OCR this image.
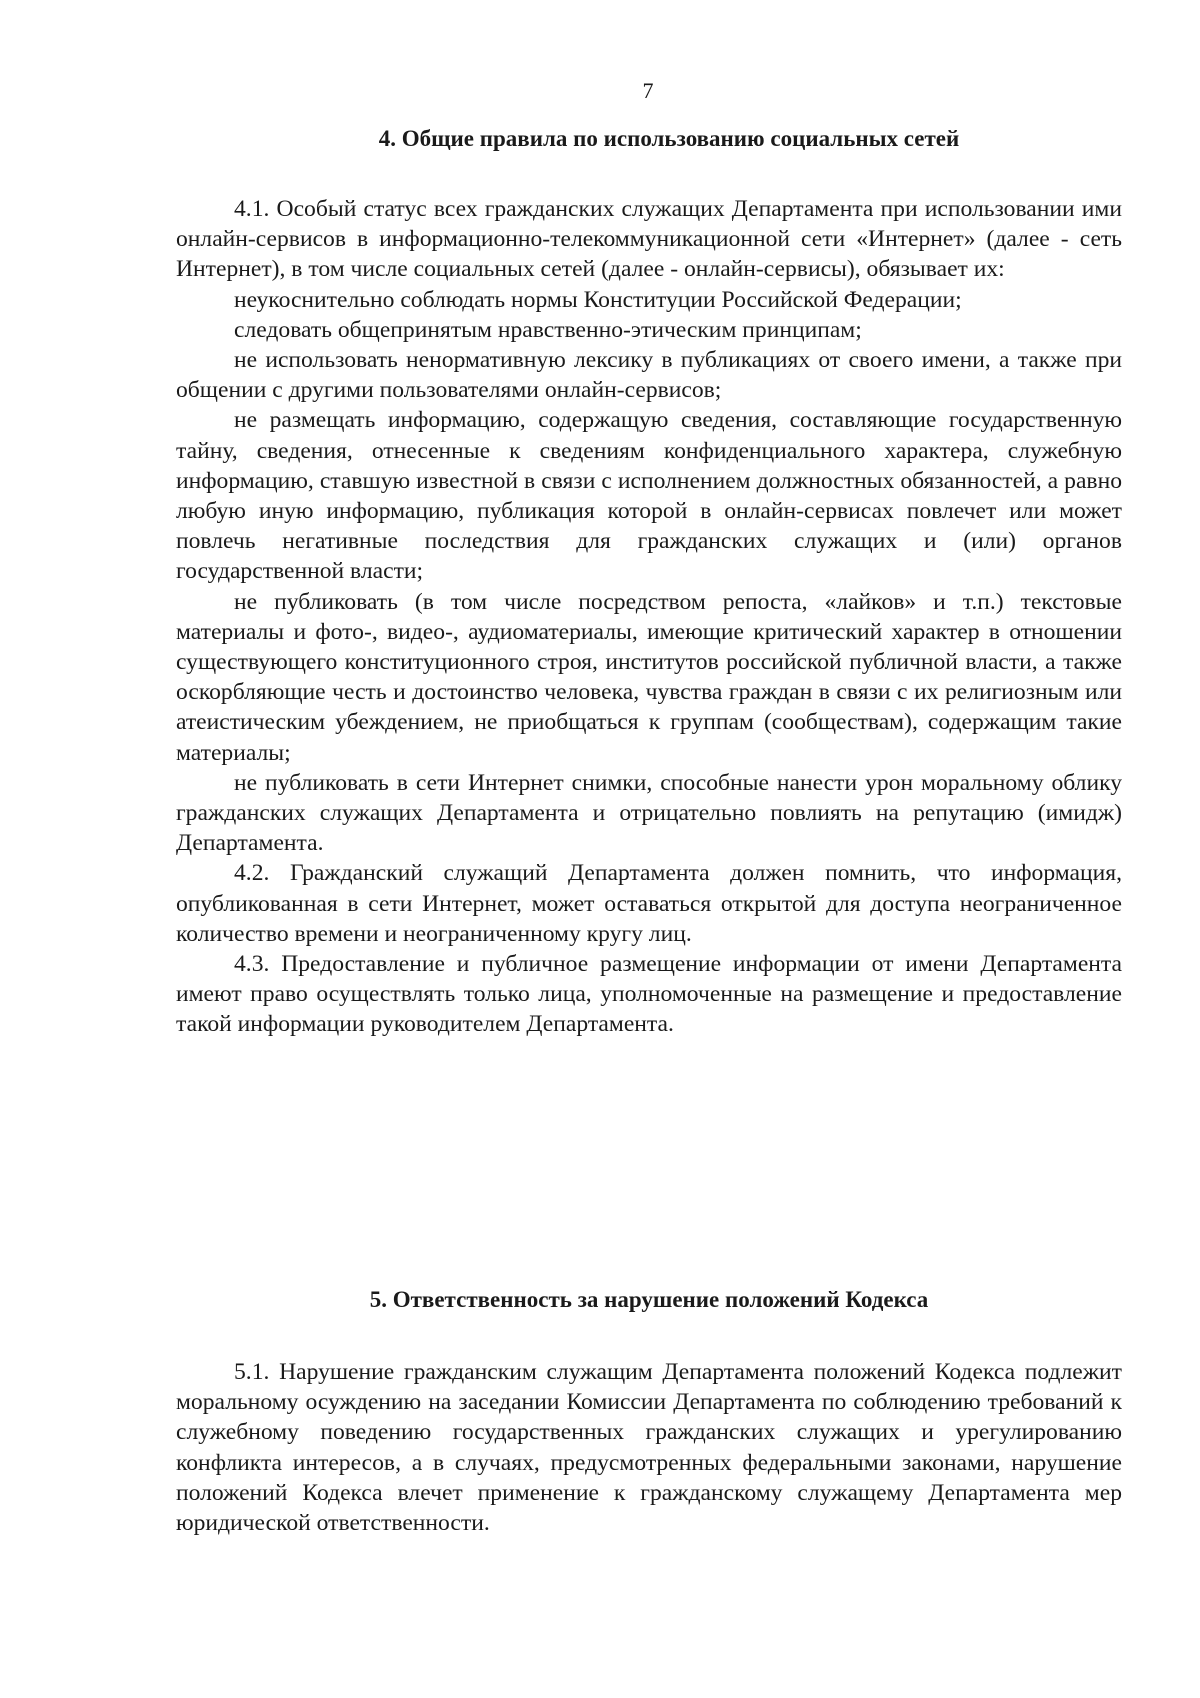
7

4. Общие правила по использованию социальных сетей

4.1. Особый статус всех гражданских служащих Департамента при использовании ими онлайн-сервисов в информационно-телекоммуникационной сети «Интернет» (далее - сеть Интернет), в том числе социальных сетей (далее - онлайн-сервисы), обязывает их:

неукоснительно соблюдать нормы Конституции Российской Федерации;

следовать общепринятым нравственно-этическим принципам;

не использовать ненормативную лексику в публикациях от своего имени, а также при общении с другими пользователями онлайн-сервисов;

не размещать информацию, содержащую сведения, составляющие государственную тайну, сведения, отнесенные к сведениям конфиденциального характера, служебную информацию, ставшую известной в связи с исполнением должностных обязанностей, а равно любую иную информацию, публикация которой в онлайн-сервисах повлечет или может повлечь негативные последствия для гражданских служащих и (или) органов государственной власти;

не публиковать (в том числе посредством репоста, «лайков» и т.п.) текстовые материалы и фото-, видео-, аудиоматериалы, имеющие критический характер в отношении существующего конституционного строя, институтов российской публичной власти, а также оскорбляющие честь и достоинство человека, чувства граждан в связи с их религиозным или атеистическим убеждением, не приобщаться к группам (сообществам), содержащим такие материалы;

не публиковать в сети Интернет снимки, способные нанести урон моральному облику гражданских служащих Департамента и отрицательно повлиять на репутацию (имидж) Департамента.

4.2. Гражданский служащий Департамента должен помнить, что информация, опубликованная в сети Интернет, может оставаться открытой для доступа неограниченное количество времени и неограниченному кругу лиц.

4.3. Предоставление и публичное размещение информации от имени Департамента имеют право осуществлять только лица, уполномоченные на размещение и предоставление такой информации руководителем Департамента.

5. Ответственность за нарушение положений Кодекса

5.1. Нарушение гражданским служащим Департамента положений Кодекса подлежит моральному осуждению на заседании Комиссии Департамента по соблюдению требований к служебному поведению государственных гражданских служащих и урегулированию конфликта интересов, а в случаях, предусмотренных федеральными законами, нарушение положений Кодекса влечет применение к гражданскому служащему Департамента мер юридической ответственности.
